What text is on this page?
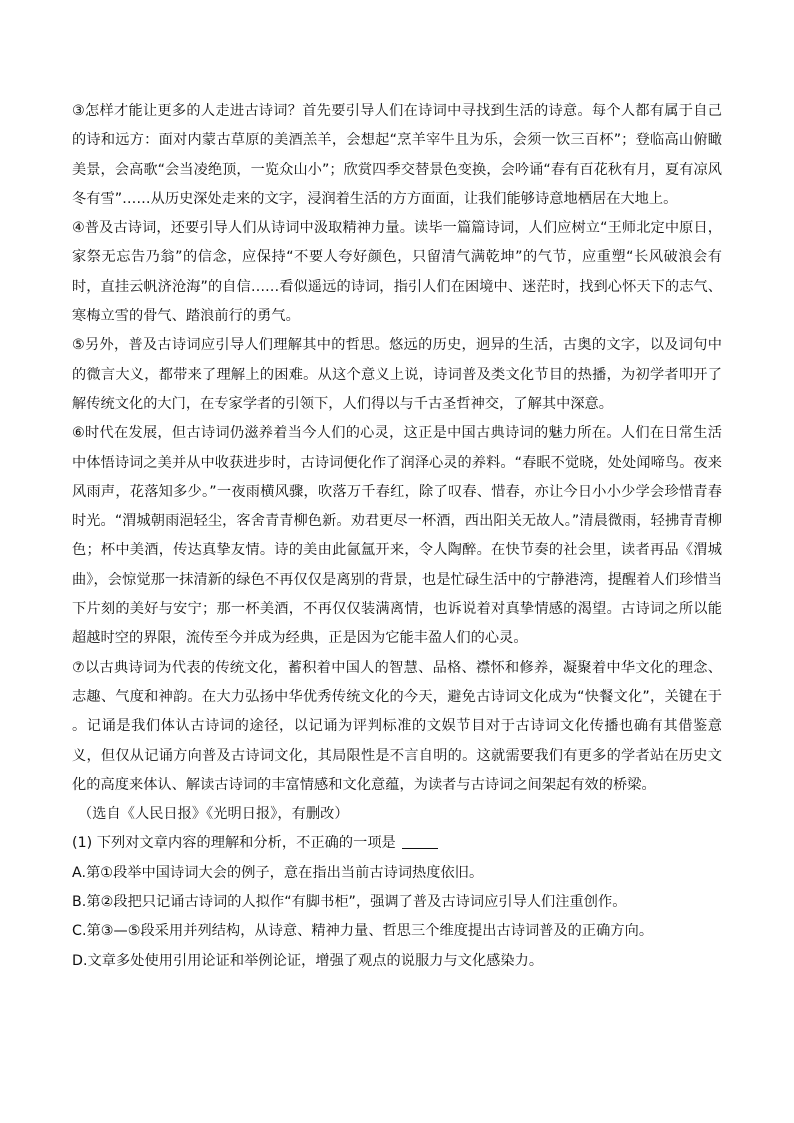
③怎样才能让更多的人走进古诗词？首先要引导人们在诗词中寻找到生活的诗意。每个人都有属于自己的诗和远方：面对内蒙古草原的美酒羔羊，会想起“烹羊宰牛且为乐，会须一饮三百杯”；登临高山俯瞰美景，会高歌“会当凌绝顶，一览众山小”；欣赏四季交替景色变换，会吟诵“春有百花秋有月，夏有凉风冬有雪”……从历史深处走来的文字，浸润着生活的方方面面，让我们能够诗意地栖居在大地上。

④普及古诗词，还要引导人们从诗词中汲取精神力量。读毕一篇篇诗词，人们应树立“王师北定中原日，家祭无忘告乃翁”的信念，应保持“不要人夸好颜色，只留清气满乾坤”的气节，应重塑“长风破浪会有时，直挂云帆济沧海”的自信……看似遥远的诗词，指引人们在困境中、迷茫时，找到心怀天下的志气、寒梅立雪的骨气、踏浪前行的勇气。

⑤另外，普及古诗词应引导人们理解其中的哲思。悠远的历史，迥异的生活，古奥的文字，以及词句中的微言大义，都带来了理解上的困难。从这个意义上说，诗词普及类文化节目的热播，为初学者叩开了解传统文化的大门，在专家学者的引领下，人们得以与千古圣哲神交，了解其中深意。

⑥时代在发展，但古诗词仍滋养着当今人们的心灵，这正是中国古典诗词的魅力所在。人们在日常生活中体悟诗词之美并从中收获进步时，古诗词便化作了润泽心灵的养料。“春眠不觉晓，处处闻啼鸟。夜来风雨声，花落知多少。”一夜雨横风骤，吹落万千春红，除了叹春、惜春，亦让今日小小少学会珍惜青春时光。“渭城朝雨浥轻尘，客舍青青柳色新。劝君更尽一杯酒，西出阳关无故人。”清晨微雨，轻拂青青柳色；杯中美酒，传达真挚友情。诗的美由此氤氲开来，令人陶醉。在快节奏的社会里，读者再品《渭城曲》，会惊觉那一抹清新的绿色不再仅仅是离别的背景，也是忙碌生活中的宁静港湾，提醒着人们珍惜当下片刻的美好与安宁；那一杯美酒，不再仅仅装满离情，也诉说着对真挚情感的渴望。古诗词之所以能超越时空的界限，流传至今并成为经典，正是因为它能丰盈人们的心灵。

⑦以古典诗词为代表的传统文化，蓄积着中国人的智慧、品格、襟怀和修养，凝聚着中华文化的理念、志趣、气度和神韵。在大力弘扬中华优秀传统文化的今天，避免古诗词文化成为“快餐文化”，关键在于 。记诵是我们体认古诗词的途径，以记诵为评判标准的文娱节目对于古诗词文化传播也确有其借鉴意义，但仅从记诵方向普及古诗词文化，其局限性是不言自明的。这就需要我们有更多的学者站在历史文化的高度来体认、解读古诗词的丰富情感和文化意蕴，为读者与古诗词之间架起有效的桥梁。

（选自《人民日报》《光明日报》，有删改）

(1) 下列对文章内容的理解和分析，不正确的一项是

A.第①段举中国诗词大会的例子，意在指出当前古诗词热度依旧。

B.第②段把只记诵古诗词的人拟作“有脚书柜”，强调了普及古诗词应引导人们注重创作。

C.第③—⑤段采用并列结构，从诗意、精神力量、哲思三个维度提出古诗词普及的正确方向。

D.文章多处使用引用论证和举例论证，增强了观点的说服力与文化感染力。
